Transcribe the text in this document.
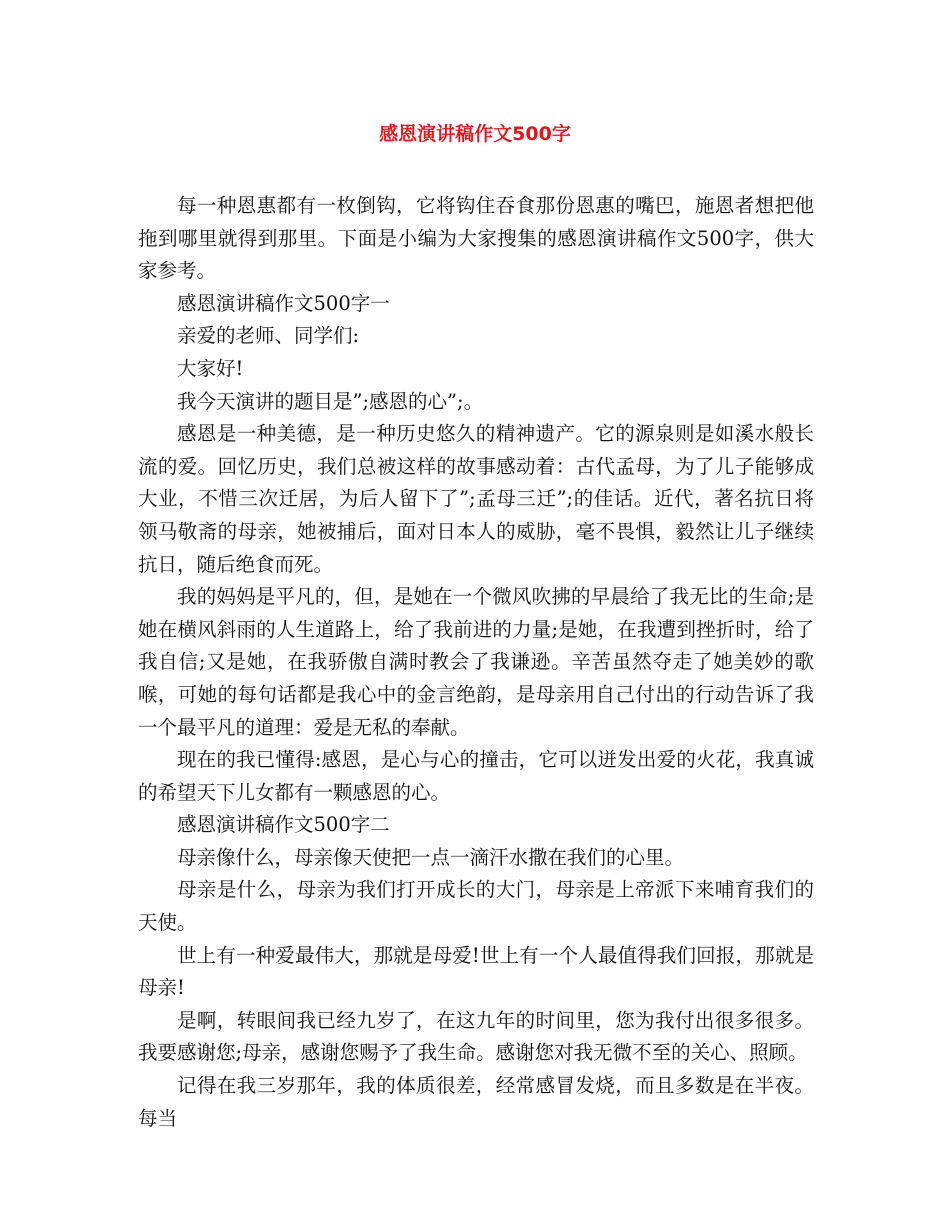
感恩演讲稿作文500字

每一种恩惠都有一枚倒钩，它将钩住吞食那份恩惠的嘴巴，施恩者想把他拖到哪里就得到那里。下面是小编为大家搜集的感恩演讲稿作文500字，供大家参考。

感恩演讲稿作文500字一

亲爱的老师、同学们:

大家好!

我今天演讲的题目是”;感恩的心”;。

感恩是一种美德，是一种历史悠久的精神遗产。它的源泉则是如溪水般长流的爱。回忆历史，我们总被这样的故事感动着：古代孟母，为了儿子能够成大业，不惜三次迁居，为后人留下了”;孟母三迁”;的佳话。近代，著名抗日将领马敬斋的母亲，她被捕后，面对日本人的威胁，毫不畏惧，毅然让儿子继续抗日，随后绝食而死。

我的妈妈是平凡的，但，是她在一个微风吹拂的早晨给了我无比的生命;是她在横风斜雨的人生道路上，给了我前进的力量;是她，在我遭到挫折时，给了我自信;又是她，在我骄傲自满时教会了我谦逊。辛苦虽然夺走了她美妙的歌喉，可她的每句话都是我心中的金言绝韵，是母亲用自己付出的行动告诉了我一个最平凡的道理：爱是无私的奉献。

现在的我已懂得:感恩，是心与心的撞击，它可以迸发出爱的火花，我真诚的希望天下儿女都有一颗感恩的心。

感恩演讲稿作文500字二

母亲像什么，母亲像天使把一点一滴汗水撒在我们的心里。

母亲是什么，母亲为我们打开成长的大门，母亲是上帝派下来哺育我们的天使。

世上有一种爱最伟大，那就是母爱!世上有一个人最值得我们回报，那就是母亲!

是啊，转眼间我已经九岁了，在这九年的时间里，您为我付出很多很多。我要感谢您;母亲，感谢您赐予了我生命。感谢您对我无微不至的关心、照顾。

记得在我三岁那年，我的体质很差，经常感冒发烧，而且多数是在半夜。每当
